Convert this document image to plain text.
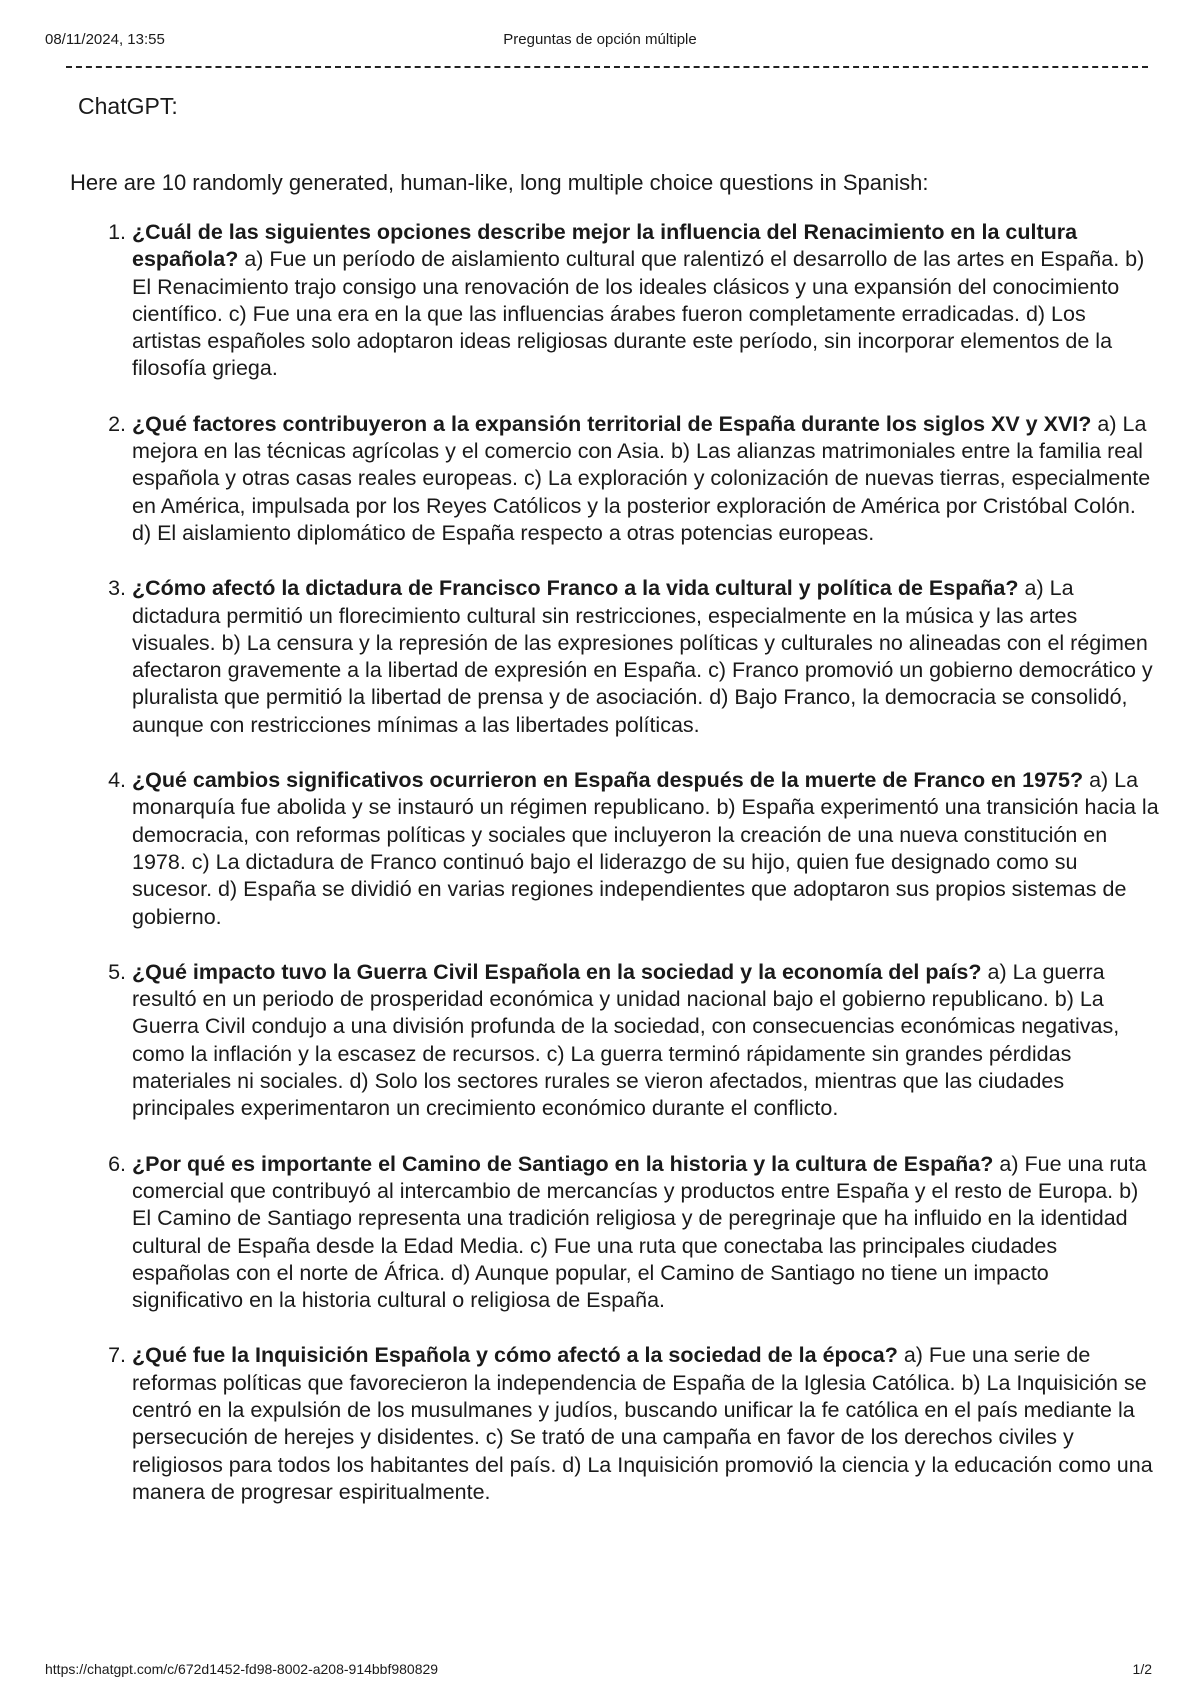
08/11/2024, 13:55	Preguntas de opción múltiple
ChatGPT:
Here are 10 randomly generated, human-like, long multiple choice questions in Spanish:
1. ¿Cuál de las siguientes opciones describe mejor la influencia del Renacimiento en la cultura española? a) Fue un período de aislamiento cultural que ralentizó el desarrollo de las artes en España. b) El Renacimiento trajo consigo una renovación de los ideales clásicos y una expansión del conocimiento científico. c) Fue una era en la que las influencias árabes fueron completamente erradicadas. d) Los artistas españoles solo adoptaron ideas religiosas durante este período, sin incorporar elementos de la filosofía griega.
2. ¿Qué factores contribuyeron a la expansión territorial de España durante los siglos XV y XVI? a) La mejora en las técnicas agrícolas y el comercio con Asia. b) Las alianzas matrimoniales entre la familia real española y otras casas reales europeas. c) La exploración y colonización de nuevas tierras, especialmente en América, impulsada por los Reyes Católicos y la posterior exploración de América por Cristóbal Colón. d) El aislamiento diplomático de España respecto a otras potencias europeas.
3. ¿Cómo afectó la dictadura de Francisco Franco a la vida cultural y política de España? a) La dictadura permitió un florecimiento cultural sin restricciones, especialmente en la música y las artes visuales. b) La censura y la represión de las expresiones políticas y culturales no alineadas con el régimen afectaron gravemente a la libertad de expresión en España. c) Franco promovió un gobierno democrático y pluralista que permitió la libertad de prensa y de asociación. d) Bajo Franco, la democracia se consolidó, aunque con restricciones mínimas a las libertades políticas.
4. ¿Qué cambios significativos ocurrieron en España después de la muerte de Franco en 1975? a) La monarquía fue abolida y se instauró un régimen republicano. b) España experimentó una transición hacia la democracia, con reformas políticas y sociales que incluyeron la creación de una nueva constitución en 1978. c) La dictadura de Franco continuó bajo el liderazgo de su hijo, quien fue designado como su sucesor. d) España se dividió en varias regiones independientes que adoptaron sus propios sistemas de gobierno.
5. ¿Qué impacto tuvo la Guerra Civil Española en la sociedad y la economía del país? a) La guerra resultó en un periodo de prosperidad económica y unidad nacional bajo el gobierno republicano. b) La Guerra Civil condujo a una división profunda de la sociedad, con consecuencias económicas negativas, como la inflación y la escasez de recursos. c) La guerra terminó rápidamente sin grandes pérdidas materiales ni sociales. d) Solo los sectores rurales se vieron afectados, mientras que las ciudades principales experimentaron un crecimiento económico durante el conflicto.
6. ¿Por qué es importante el Camino de Santiago en la historia y la cultura de España? a) Fue una ruta comercial que contribuyó al intercambio de mercancías y productos entre España y el resto de Europa. b) El Camino de Santiago representa una tradición religiosa y de peregrinaje que ha influido en la identidad cultural de España desde la Edad Media. c) Fue una ruta que conectaba las principales ciudades españolas con el norte de África. d) Aunque popular, el Camino de Santiago no tiene un impacto significativo en la historia cultural o religiosa de España.
7. ¿Qué fue la Inquisición Española y cómo afectó a la sociedad de la época? a) Fue una serie de reformas políticas que favorecieron la independencia de España de la Iglesia Católica. b) La Inquisición se centró en la expulsión de los musulmanes y judíos, buscando unificar la fe católica en el país mediante la persecución de herejes y disidentes. c) Se trató de una campaña en favor de los derechos civiles y religiosos para todos los habitantes del país. d) La Inquisición promovió la ciencia y la educación como una manera de progresar espiritualmente.
https://chatgpt.com/c/672d1452-fd98-8002-a208-914bbf980829	1/2
